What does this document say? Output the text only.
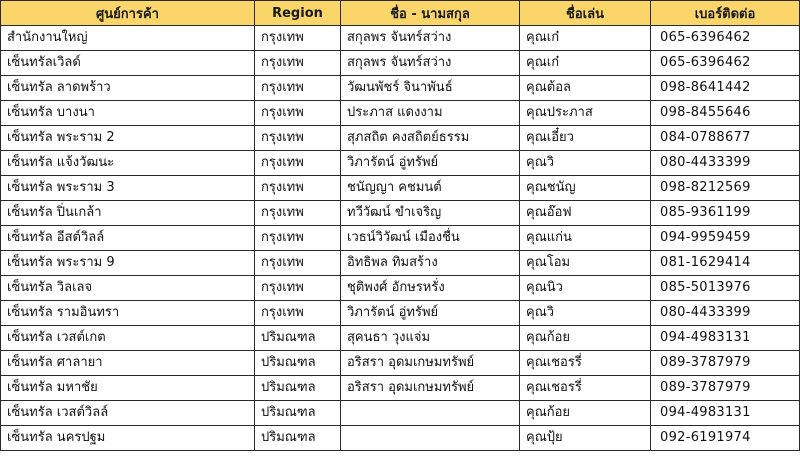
ศูนย์การค้า	Region	ชื่อ - นามสกุล	ชื่อเล่น	เบอร์ติดต่อ
สำนักงานใหญ่	กรุงเทพ	สกุลพร จันทร์สว่าง	คุณเก๋	065-6396462
เซ็นทรัลเวิลด์	กรุงเทพ	สกุลพร จันทร์สว่าง	คุณเก๋	065-6396462
เซ็นทรัล ลาดพร้าว	กรุงเทพ	วัฒนพัชร์ จินาพันธ์	คุณต้อล	098-8641442
เซ็นทรัล บางนา	กรุงเทพ	ประภาส แดงงาม	คุณประภาส	098-8455646
เซ็นทรัล พระราม 2	กรุงเทพ	สุภสถิต คงสถิตย์ธรรม	คุณเอี๋ยว	084-0788677
เซ็นทรัล แจ้งวัฒนะ	กรุงเทพ	วิภารัตน์ อู่ทรัพย์	คุณวิ	080-4433399
เซ็นทรัล พระราม 3	กรุงเทพ	ชนัญญา คชมนต์	คุณชนัญ	098-8212569
เซ็นทรัล ปิ่นเกล้า	กรุงเทพ	ทวีวัฒน์ ขำเจริญ	คุณอ๊อฟ	085-9361199
เซ็นทรัล อีสต์วิลล์	กรุงเทพ	เวธน์วิวัฒน์ เมืองชื่น	คุณแก่น	094-9959459
เซ็นทรัล พระราม 9	กรุงเทพ	อิทธิพล ทิมสร้าง	คุณโอม	081-1629414
เซ็นทรัล วิลเลจ	กรุงเทพ	ชุติพงศ์ อักษรหรั่ง	คุณนิว	085-5013976
เซ็นทรัล รามอินทรา	กรุงเทพ	วิภารัตน์ อู่ทรัพย์	คุณวิ	080-4433399
เซ็นทรัล เวสต์เกต	ปริมณฑล	สุคนธา วุงแจ่ม	คุณก้อย	094-4983131
เซ็นทรัล ศาลายา	ปริมณฑล	อริสรา อุดมเกษมทรัพย์	คุณเชอรรี่	089-3787979
เซ็นทรัล มหาชัย	ปริมณฑล	อริสรา อุดมเกษมทรัพย์	คุณเชอรรี่	089-3787979
เซ็นทรัล เวสต์วิลล์	ปริมณฑล		คุณก้อย	094-4983131
เซ็นทรัล นครปฐม	ปริมณฑล		คุณปุ้ย	092-6191974
